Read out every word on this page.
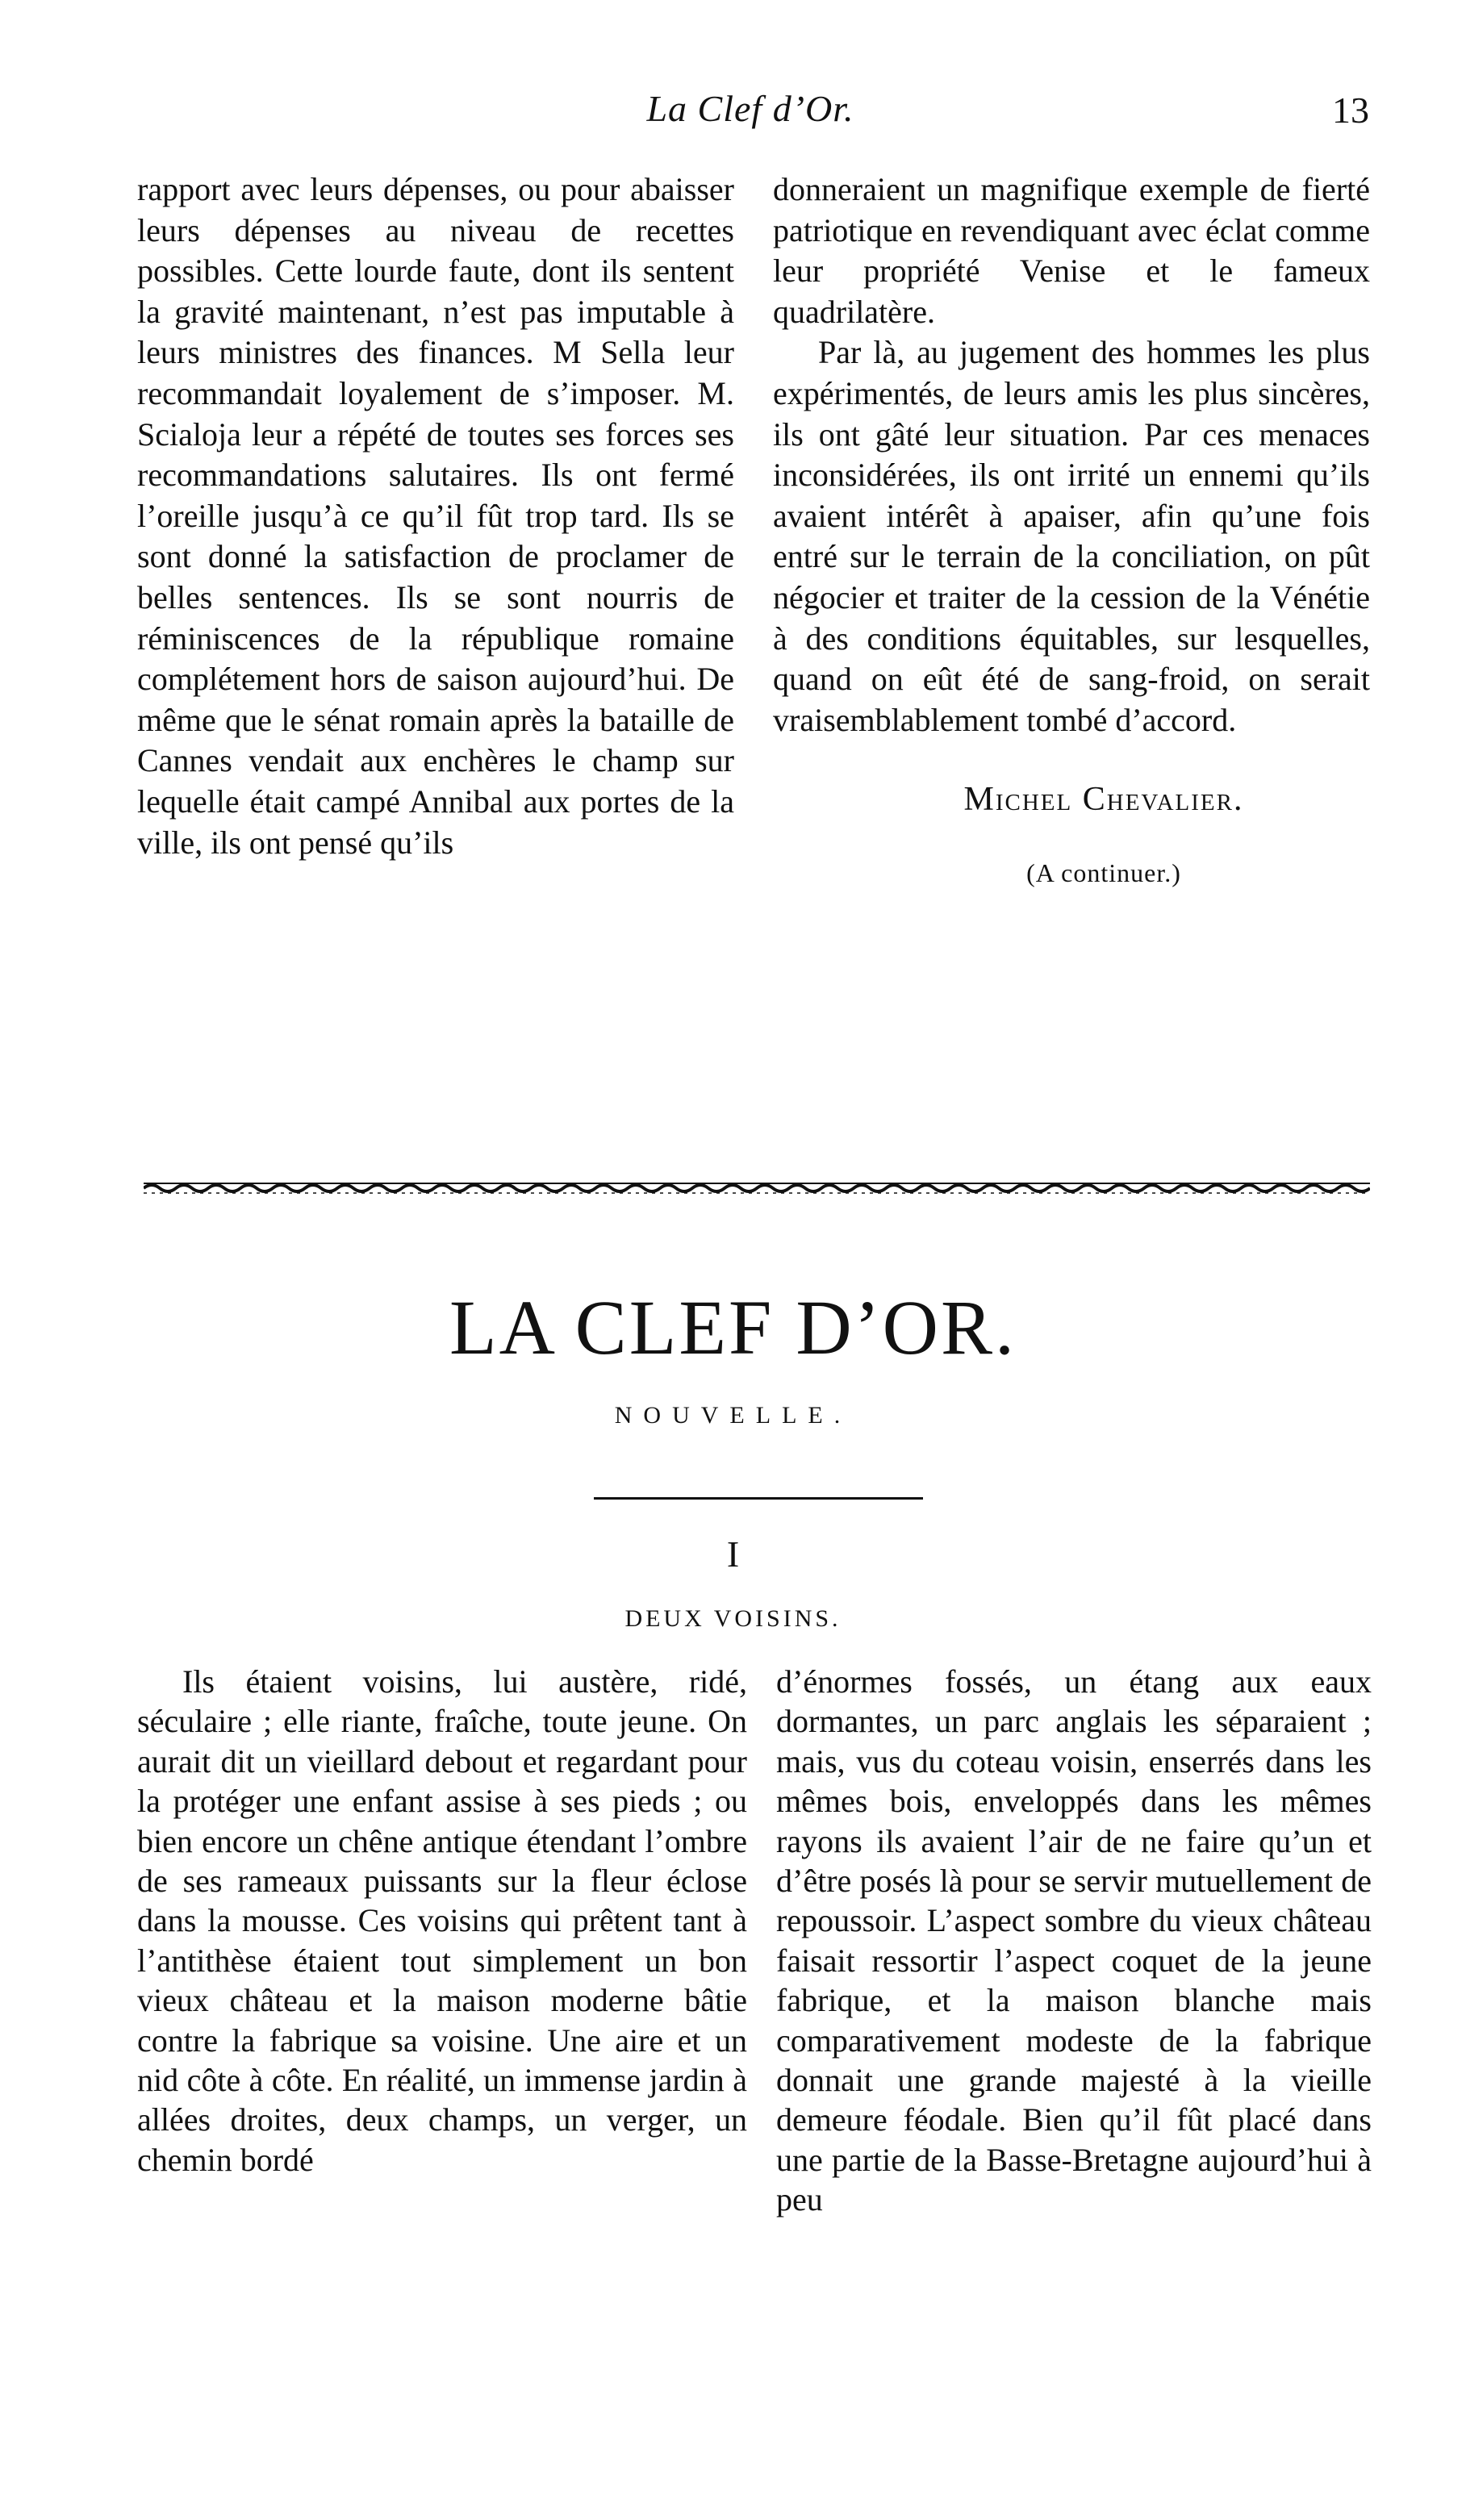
La Clef d’Or.	13

rapport avec leurs dépenses, ou pour abaisser leurs dépenses au niveau de recettes possibles. Cette lourde faute, dont ils sentent la gravité maintenant, n’est pas imputable à leurs ministres des finances. M Sella leur recommandait loyalement de s’imposer. M. Scialoja leur a répété de toutes ses forces ses recommandations salutaires. Ils ont fermé l’oreille jusqu’à ce qu’il fût trop tard. Ils se sont donné la satisfaction de proclamer de belles sentences. Ils se sont nourris de réminiscences de la république romaine complétement hors de saison aujourd’hui. De même que le sénat romain après la bataille de Cannes vendait aux enchères le champ sur lequelle était campé Annibal aux portes de la ville, ils ont pensé qu’ils

donneraient un magnifique exemple de fierté patriotique en revendiquant avec éclat comme leur propriété Venise et le fameux quadrilatère.

Par là, au jugement des hommes les plus expérimentés, de leurs amis les plus sincères, ils ont gâté leur situation. Par ces menaces inconsidérées, ils ont irrité un ennemi qu’ils avaient intérêt à apaiser, afin qu’une fois entré sur le terrain de la conciliation, on pût négocier et traiter de la cession de la Vénétie à des conditions équitables, sur lesquelles, quand on eût été de sang-froid, on serait vraisemblablement tombé d’accord.

Michel Chevalier.
(A continuer.)
LA CLEF D’OR.
NOUVELLE.
I
DEUX VOISINS.

Ils étaient voisins, lui austère, ridé, séculaire ; elle riante, fraîche, toute jeune. On aurait dit un vieillard debout et regardant pour la protéger une enfant assise à ses pieds ; ou bien encore un chêne antique étendant l’ombre de ses rameaux puissants sur la fleur éclose dans la mousse. Ces voisins qui prêtent tant à l’antithèse étaient tout simplement un bon vieux château et la maison moderne bâtie contre la fabrique sa voisine. Une aire et un nid côte à côte. En réalité, un immense jardin à allées droites, deux champs, un verger, un chemin bordé

d’énormes fossés, un étang aux eaux dormantes, un parc anglais les séparaient ; mais, vus du coteau voisin, enserrés dans les mêmes bois, enveloppés dans les mêmes rayons ils avaient l’air de ne faire qu’un et d’être posés là pour se servir mutuellement de repoussoir. L’aspect sombre du vieux château faisait ressortir l’aspect coquet de la jeune fabrique, et la maison blanche mais comparativement modeste de la fabrique donnait une grande majesté à la vieille demeure féodale. Bien qu’il fût placé dans une partie de la Basse-Bretagne aujourd’hui à peu
